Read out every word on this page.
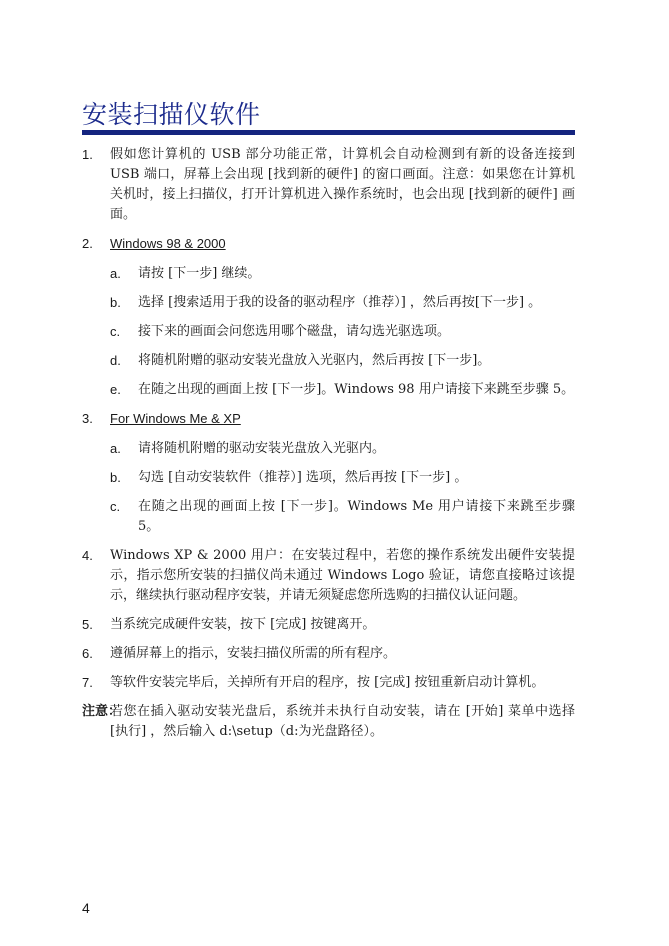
安装扫描仪软件
1. 假如您计算机的 USB 部分功能正常，计算机会自动检测到有新的设备连接到 USB 端口，屏幕上会出现 [找到新的硬件] 的窗口画面。注意：如果您在计算机关机时，接上扫描仪，打开计算机进入操作系统时，也会出现 [找到新的硬件] 画面。
2. Windows 98 & 2000
a. 请按 [下一步] 继续。
b. 选择 [搜索适用于我的设备的驱动程序（推荐）] ，然后再按[下一步] 。
c. 接下来的画面会问您选用哪个磁盘，请勾选光驱选项。
d. 将随机附赠的驱动安装光盘放入光驱内，然后再按 [下一步]。
e. 在随之出现的画面上按 [下一步]。Windows 98 用户请接下来跳至步骤 5。
3. For Windows Me & XP
a. 请将随机附赠的驱动安装光盘放入光驱内。
b. 勾选 [自动安装软件（推荐）] 选项，然后再按 [下一步] 。
c. 在随之出现的画面上按 [下一步]。Windows Me 用户请接下来跳至步骤 5。
4. Windows XP & 2000 用户：在安装过程中，若您的操作系统发出硬件安装提示，指示您所安装的扫描仪尚未通过 Windows Logo 验证，请您直接略过该提示，继续执行驱动程序安装，并请无须疑虑您所选购的扫描仪认证问题。
5. 当系统完成硬件安装，按下 [完成] 按键离开。
6. 遵循屏幕上的指示，安装扫描仪所需的所有程序。
7. 等软件安装完毕后，关掉所有开启的程序，按 [完成] 按钮重新启动计算机。
注意：
若您在插入驱动安装光盘后，系统并未执行自动安装，请在 [开始] 菜单中选择 [执行] ，然后输入 d:\setup（d:为光盘路径）。
4
